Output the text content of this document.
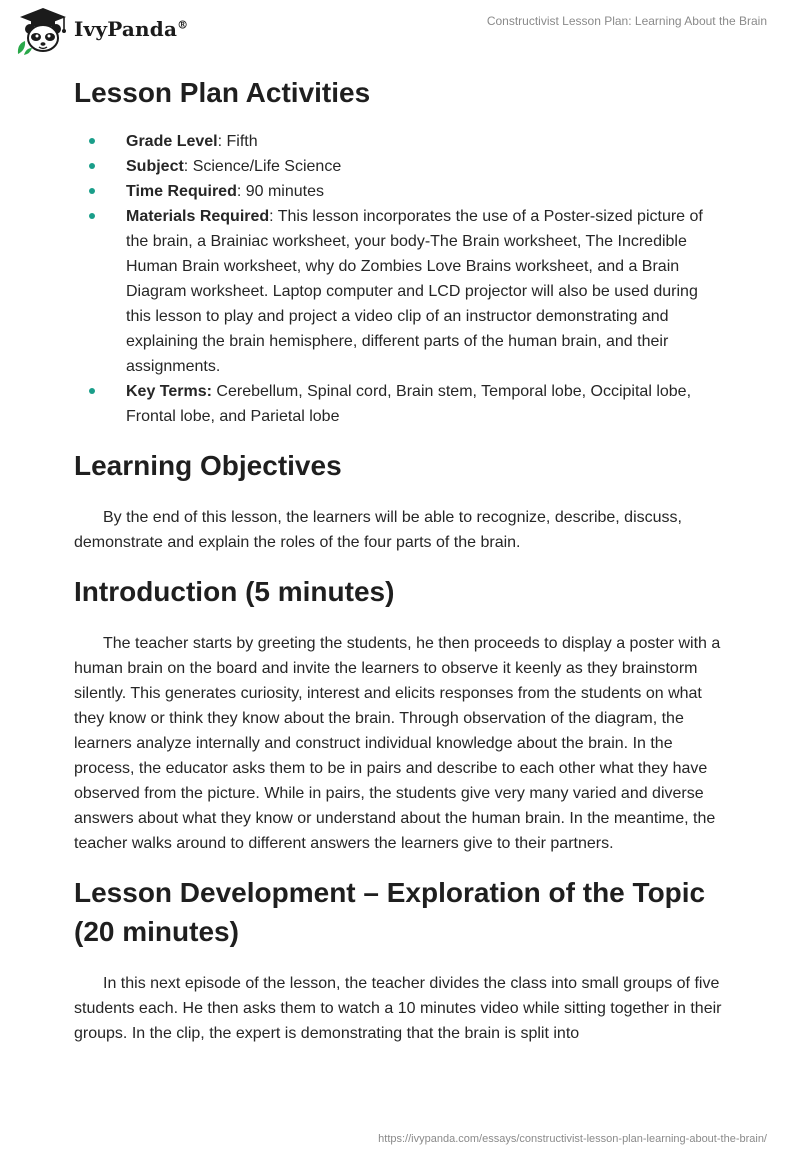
IvyPanda®	Constructivist Lesson Plan: Learning About the Brain
Lesson Plan Activities
Grade Level: Fifth
Subject: Science/Life Science
Time Required: 90 minutes
Materials Required: This lesson incorporates the use of a Poster-sized picture of the brain, a Brainiac worksheet, your body-The Brain worksheet, The Incredible Human Brain worksheet, why do Zombies Love Brains worksheet, and a Brain Diagram worksheet. Laptop computer and LCD projector will also be used during this lesson to play and project a video clip of an instructor demonstrating and explaining the brain hemisphere, different parts of the human brain, and their assignments.
Key Terms: Cerebellum, Spinal cord, Brain stem, Temporal lobe, Occipital lobe, Frontal lobe, and Parietal lobe
Learning Objectives

By the end of this lesson, the learners will be able to recognize, describe, discuss, demonstrate and explain the roles of the four parts of the brain.

Introduction (5 minutes)

The teacher starts by greeting the students, he then proceeds to display a poster with a human brain on the board and invite the learners to observe it keenly as they brainstorm silently. This generates curiosity, interest and elicits responses from the students on what they know or think they know about the brain. Through observation of the diagram, the learners analyze internally and construct individual knowledge about the brain. In the process, the educator asks them to be in pairs and describe to each other what they have observed from the picture. While in pairs, the students give very many varied and diverse answers about what they know or understand about the human brain. In the meantime, the teacher walks around to different answers the learners give to their partners.

Lesson Development – Exploration of the Topic (20 minutes)

In this next episode of the lesson, the teacher divides the class into small groups of five students each. He then asks them to watch a 10 minutes video while sitting together in their groups. In the clip, the expert is demonstrating that the brain is split into

https://ivypanda.com/essays/constructivist-lesson-plan-learning-about-the-brain/
